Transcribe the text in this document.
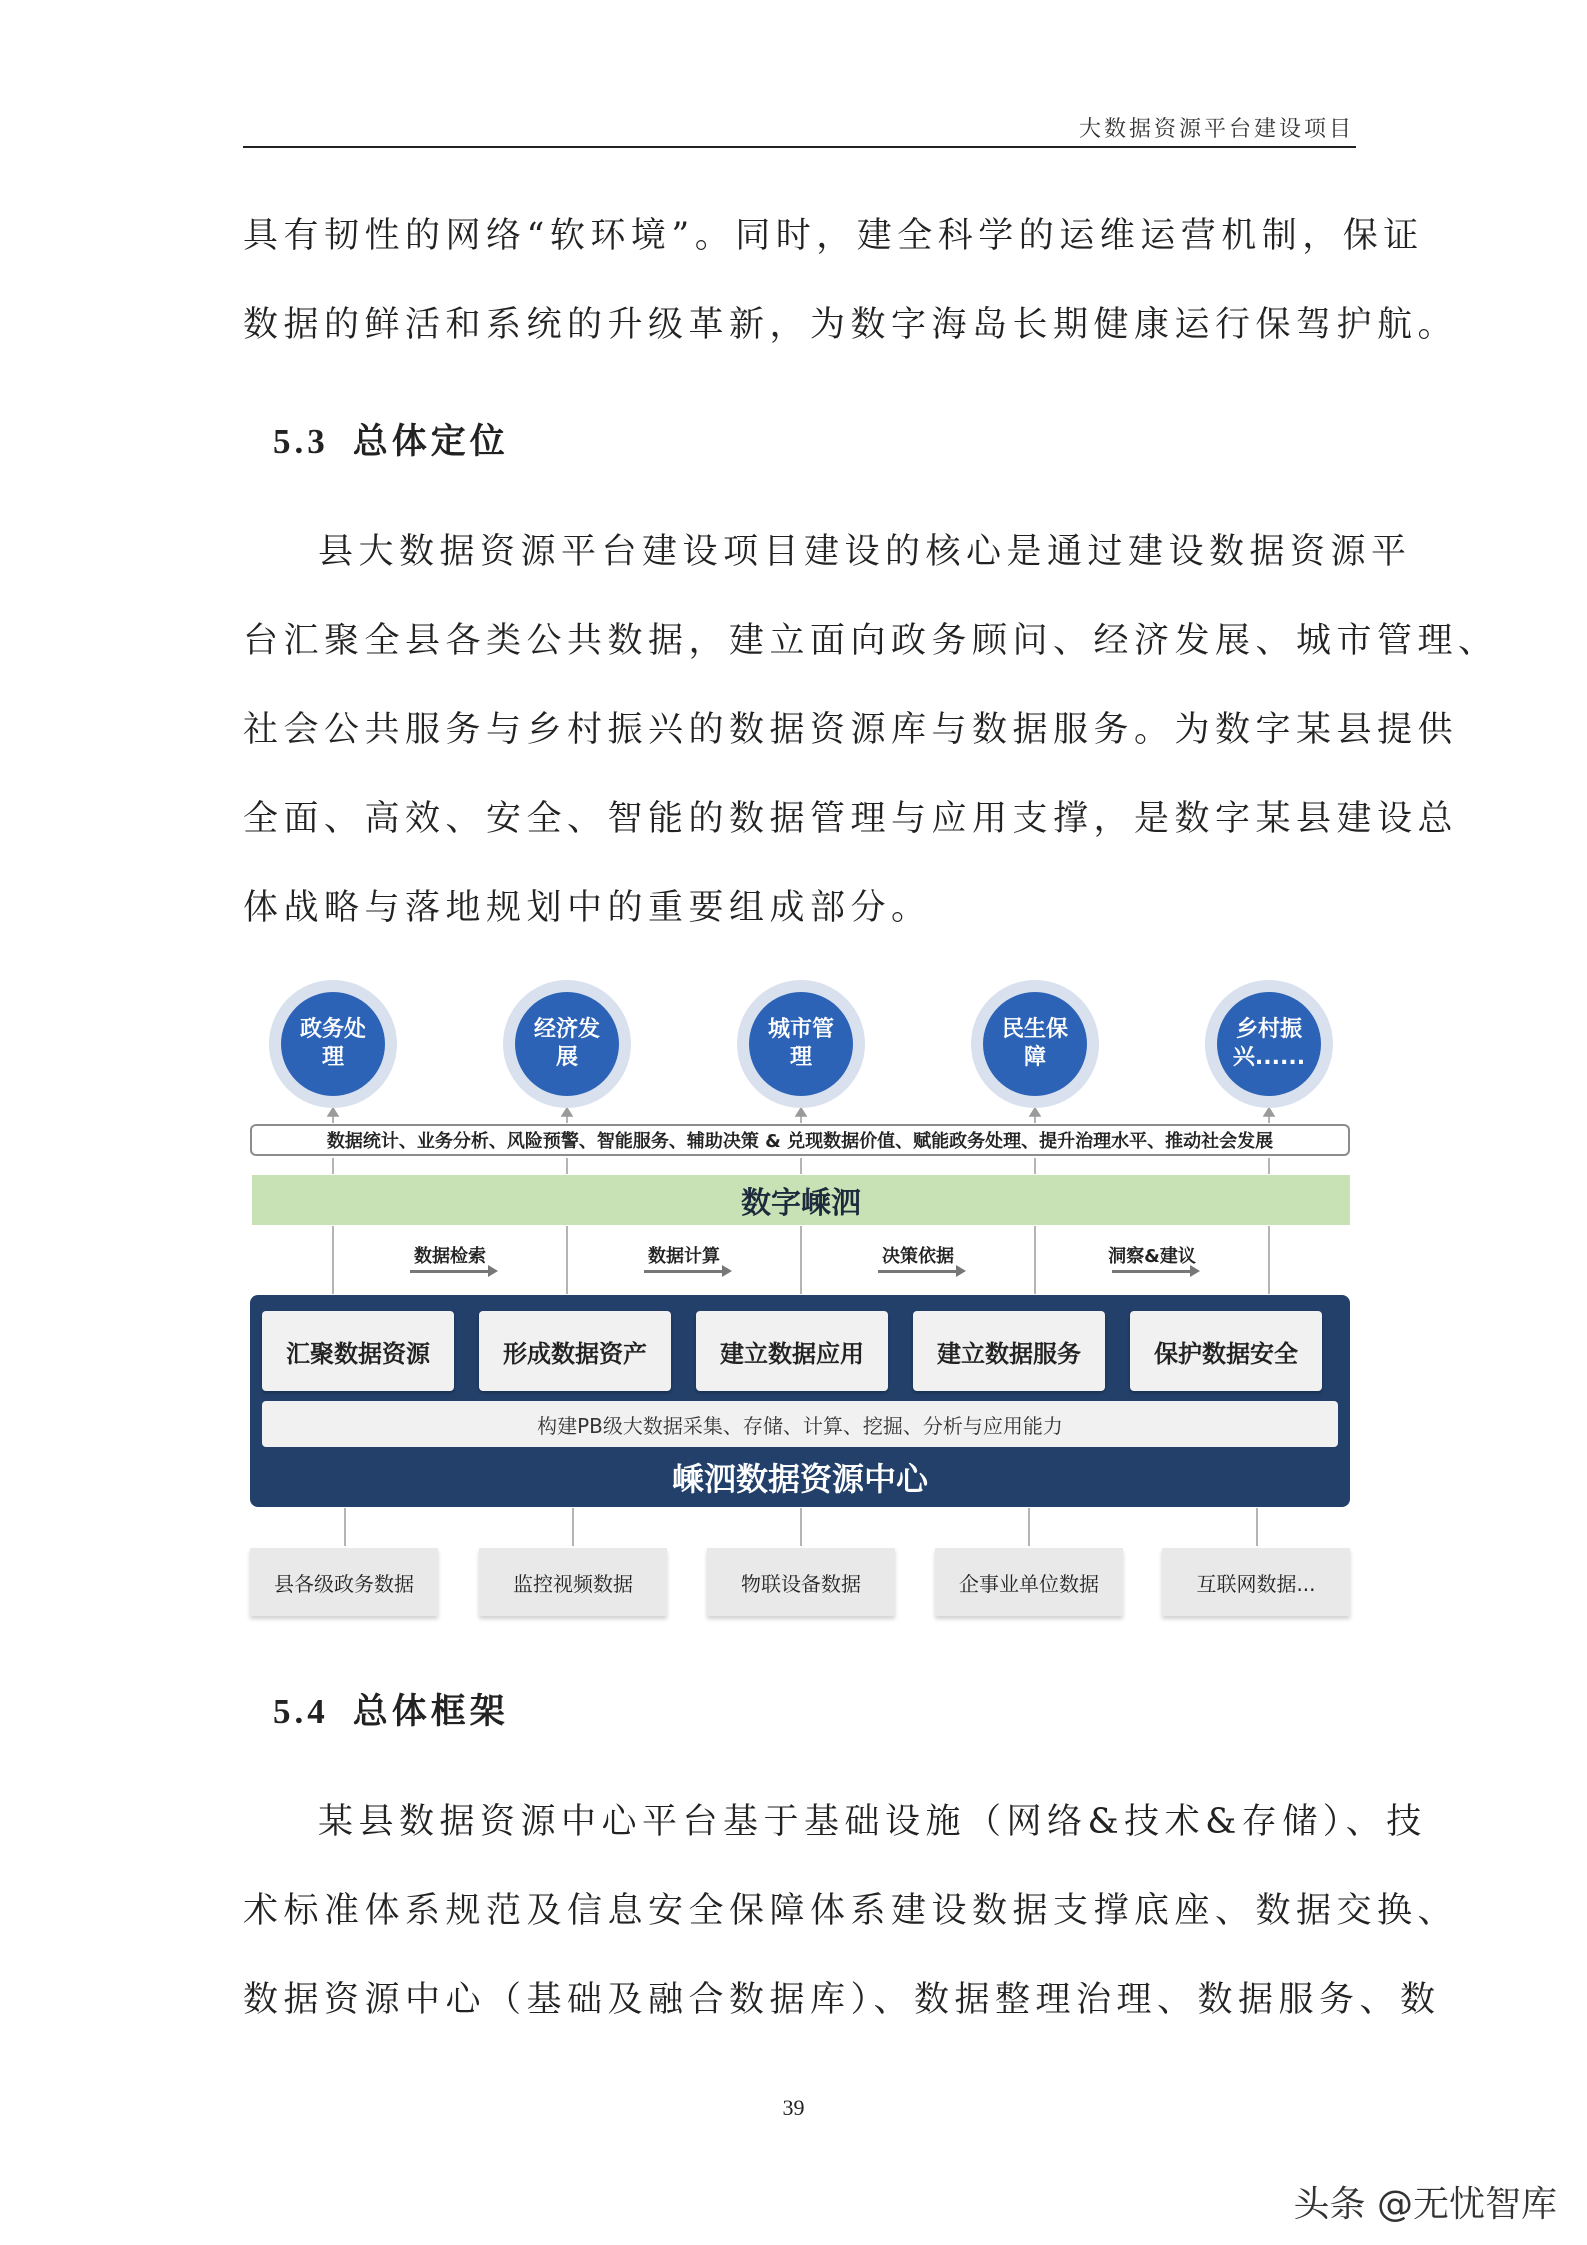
大数据资源平台建设项目

具有韧性的网络“软环境”。同时，建全科学的运维运营机制，保证
数据的鲜活和系统的升级革新，为数字海岛长期健康运行保驾护航。

5.3 总体定位

县大数据资源平台建设项目建设的核心是通过建设数据资源平
台汇聚全县各类公共数据，建立面向政务顾问、经济发展、城市管理、
社会公共服务与乡村振兴的数据资源库与数据服务。为数字某县提供
全面、高效、安全、智能的数据管理与应用支撑，是数字某县建设总
体战略与落地规划中的重要组成部分。

政务处理
经济发展
城市管理
民生保障
乡村振兴......
数据统计、业务分析、风险预警、智能服务、辅助决策 & 兑现数据价值、赋能政务处理、提升治理水平、推动社会发展
数字嵊泗
数据检索	数据计算	决策依据	洞察&建议
汇聚数据资源	形成数据资产	建立数据应用	建立数据服务	保护数据安全
构建PB级大数据采集、存储、计算、挖掘、分析与应用能力
嵊泗数据资源中心
县各级政务数据	监控视频数据	物联设备数据	企事业单位数据	互联网数据...
5.4 总体框架

某县数据资源中心平台基于基础设施（网络&技术&存储）、技
术标准体系规范及信息安全保障体系建设数据支撑底座、数据交换、
数据资源中心（基础及融合数据库）、数据整理治理、数据服务、数

39
头条 @无忧智库
